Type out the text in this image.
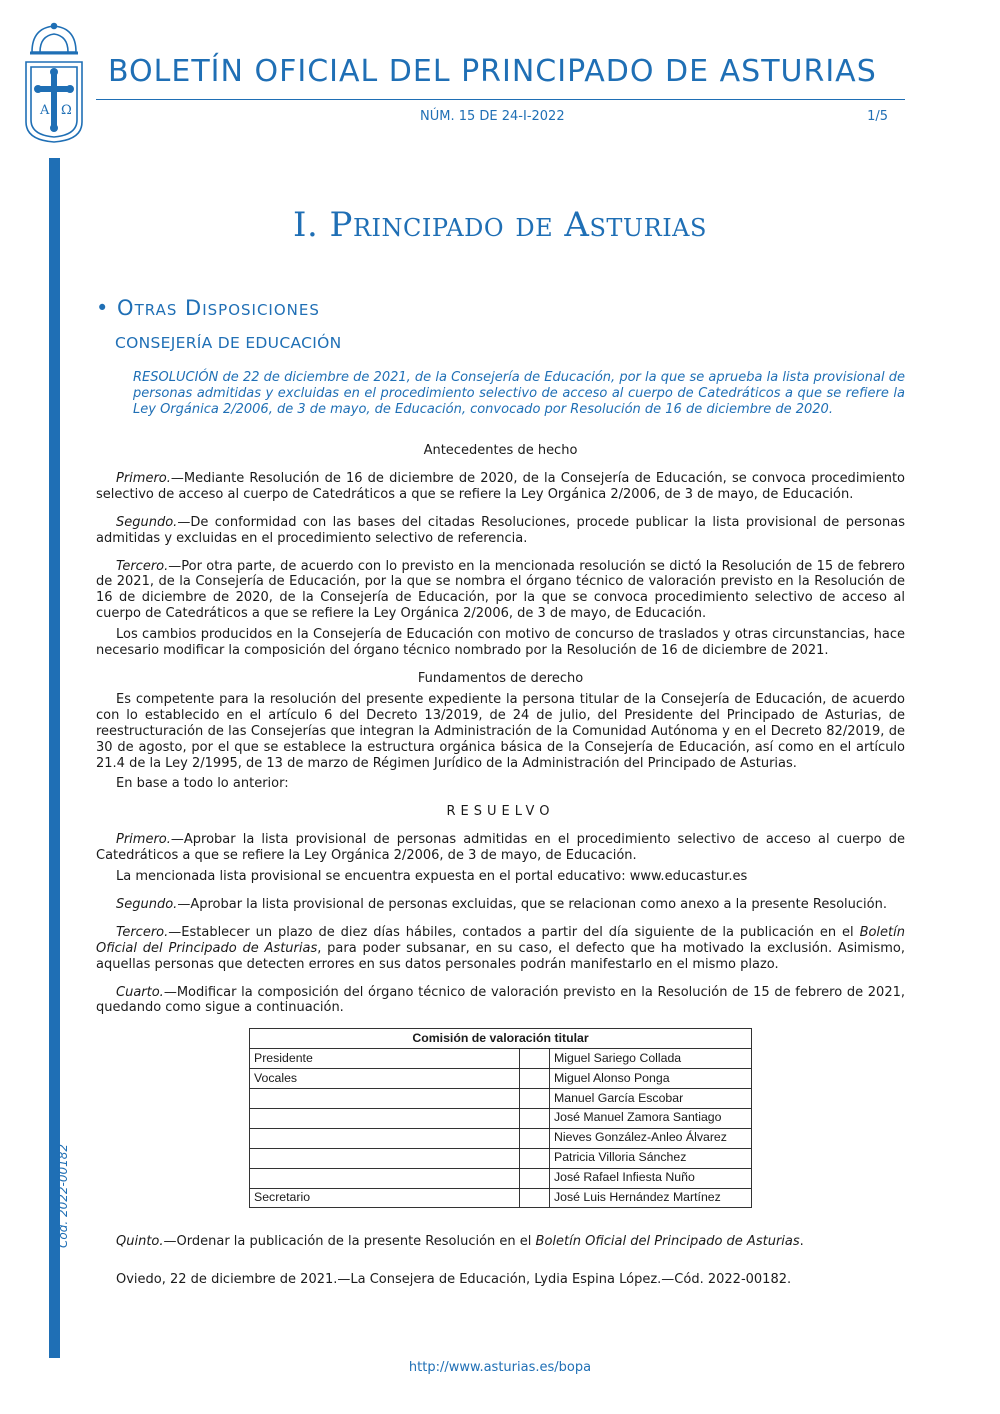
A Ω
BOLETÍN OFICIAL DEL PRINCIPADO DE ASTURIAS
NÚM. 15 DE 24-I-2022	1/5
Cód. 2022-00182
I. Principado de Asturias
• Otras Disposiciones
CONSEJERÍA DE EDUCACIÓN

RESOLUCIÓN de 22 de diciembre de 2021, de la Consejería de Educación, por la que se aprueba la lista provisional de personas admitidas y excluidas en el procedimiento selectivo de acceso al cuerpo de Catedráticos a que se refiere la Ley Orgánica 2/2006, de 3 de mayo, de Educación, convocado por Resolución de 16 de diciembre de 2020.

Antecedentes de hecho

Primero.—Mediante Resolución de 16 de diciembre de 2020, de la Consejería de Educación, se convoca procedimiento selectivo de acceso al cuerpo de Catedráticos a que se refiere la Ley Orgánica 2/2006, de 3 de mayo, de Educación.

Segundo.—De conformidad con las bases del citadas Resoluciones, procede publicar la lista provisional de personas admitidas y excluidas en el procedimiento selectivo de referencia.

Tercero.—Por otra parte, de acuerdo con lo previsto en la mencionada resolución se dictó la Resolución de 15 de febrero de 2021, de la Consejería de Educación, por la que se nombra el órgano técnico de valoración previsto en la Resolución de 16 de diciembre de 2020, de la Consejería de Educación, por la que se convoca procedimiento selectivo de acceso al cuerpo de Catedráticos a que se refiere la Ley Orgánica 2/2006, de 3 de mayo, de Educación.

Los cambios producidos en la Consejería de Educación con motivo de concurso de traslados y otras circunstancias, hace necesario modificar la composición del órgano técnico nombrado por la Resolución de 16 de diciembre de 2021.

Fundamentos de derecho

Es competente para la resolución del presente expediente la persona titular de la Consejería de Educación, de acuerdo con lo establecido en el artículo 6 del Decreto 13/2019, de 24 de julio, del Presidente del Principado de Asturias, de reestructuración de las Consejerías que integran la Administración de la Comunidad Autónoma y en el Decreto 82/2019, de 30 de agosto, por el que se establece la estructura orgánica básica de la Consejería de Educación, así como en el artículo 21.4 de la Ley 2/1995, de 13 de marzo de Régimen Jurídico de la Administración del Principado de Asturias.

En base a todo lo anterior:

RESUELVO

Primero.—Aprobar la lista provisional de personas admitidas en el procedimiento selectivo de acceso al cuerpo de Catedráticos a que se refiere la Ley Orgánica 2/2006, de 3 de mayo, de Educación.

La mencionada lista provisional se encuentra expuesta en el portal educativo: www.educastur.es

Segundo.—Aprobar la lista provisional de personas excluidas, que se relacionan como anexo a la presente Resolución.

Tercero.—Establecer un plazo de diez días hábiles, contados a partir del día siguiente de la publicación en el Boletín Oficial del Principado de Asturias, para poder subsanar, en su caso, el defecto que ha motivado la exclusión. Asimismo, aquellas personas que detecten errores en sus datos personales podrán manifestarlo en el mismo plazo.

Cuarto.—Modificar la composición del órgano técnico de valoración previsto en la Resolución de 15 de febrero de 2021, quedando como sigue a continuación.

Comisión de valoración titular		
Presidente		Miguel Sariego Collada
Vocales		Miguel Alonso Ponga
		Manuel García Escobar
		José Manuel Zamora Santiago
		Nieves González-Anleo Álvarez
		Patricia Villoria Sánchez
		José Rafael Infiesta Nuño
Secretario		José Luis Hernández Martínez

Quinto.—Ordenar la publicación de la presente Resolución en el Boletín Oficial del Principado de Asturias.

Oviedo, 22 de diciembre de 2021.—La Consejera de Educación, Lydia Espina López.—Cód. 2022-00182.

http://www.asturias.es/bopa
